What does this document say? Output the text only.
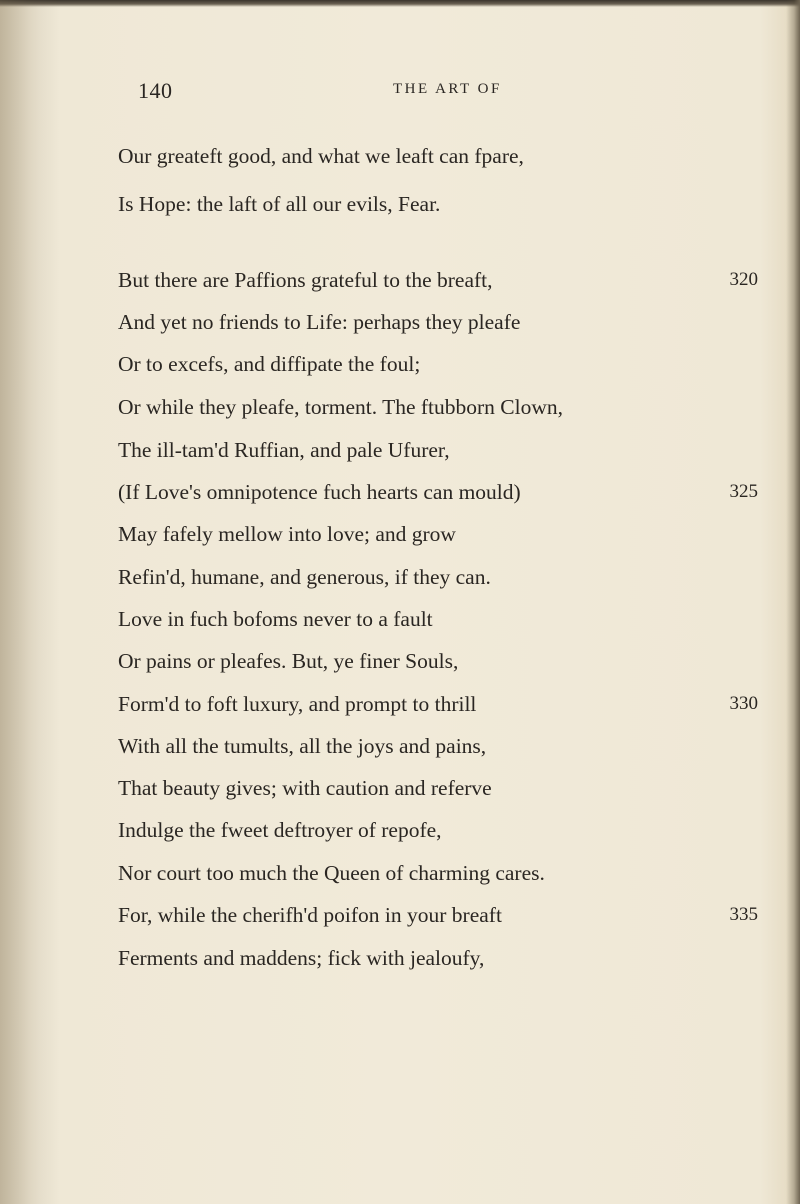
140	THE ART OF
Our greateft good, and what we leaft can fpare,
Is Hope: the laft of all our evils, Fear.
But there are Paffions grateful to the breaft,	320
And yet no friends to Life: perhaps they pleafe
Or to excefs, and diffipate the foul;
Or while they pleafe, torment. The ftubborn Clown,
The ill-tam'd Ruffian, and pale Ufurer,
(If Love's omnipotence fuch hearts can mould)	325
May fafely mellow into love; and grow
Refin'd, humane, and generous, if they can.
Love in fuch bofoms never to a fault
Or pains or pleafes. But, ye finer Souls,
Form'd to foft luxury, and prompt to thrill	330
With all the tumults, all the joys and pains,
That beauty gives; with caution and referve
Indulge the fweet deftroyer of repofe,
Nor court too much the Queen of charming cares.
For, while the cherifh'd poifon in your breaft	335
Ferments and maddens; fick with jealoufy,
